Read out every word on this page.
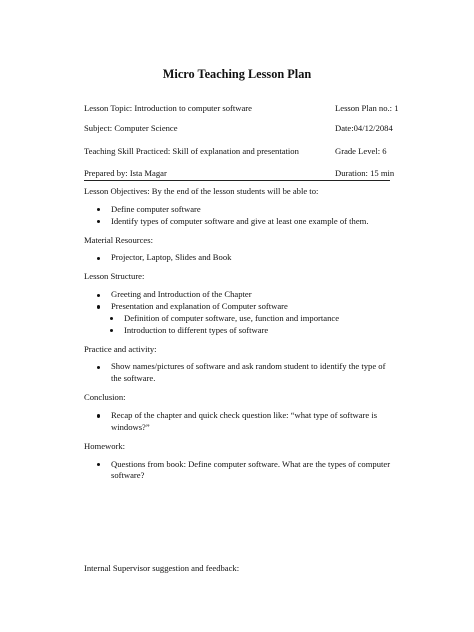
Micro Teaching Lesson Plan
Lesson Topic: Introduction to computer software	Lesson Plan no.: 1
Subject: Computer Science	Date:04/12/2084
Teaching Skill Practiced: Skill of explanation and presentation	Grade Level: 6
Prepared by: Ista Magar	Duration: 15 min

Lesson Objectives: By the end of the lesson students will be able to:

Define computer software
Identify types of computer software and give at least one example of them.

Material Resources:

Projector, Laptop, Slides and Book

Lesson Structure:

Greeting and Introduction of the Chapter
Presentation and explanation of Computer software
Definition of computer software, use, function and importance
Introduction to different types of software

Practice and activity:

Show names/pictures of software and ask random student to identify the type of the software.

Conclusion:

Recap of the chapter and quick check question like: “what type of software is windows?”

Homework:

Questions from book: Define computer software. What are the types of computer software?
Internal Supervisor suggestion and feedback:
